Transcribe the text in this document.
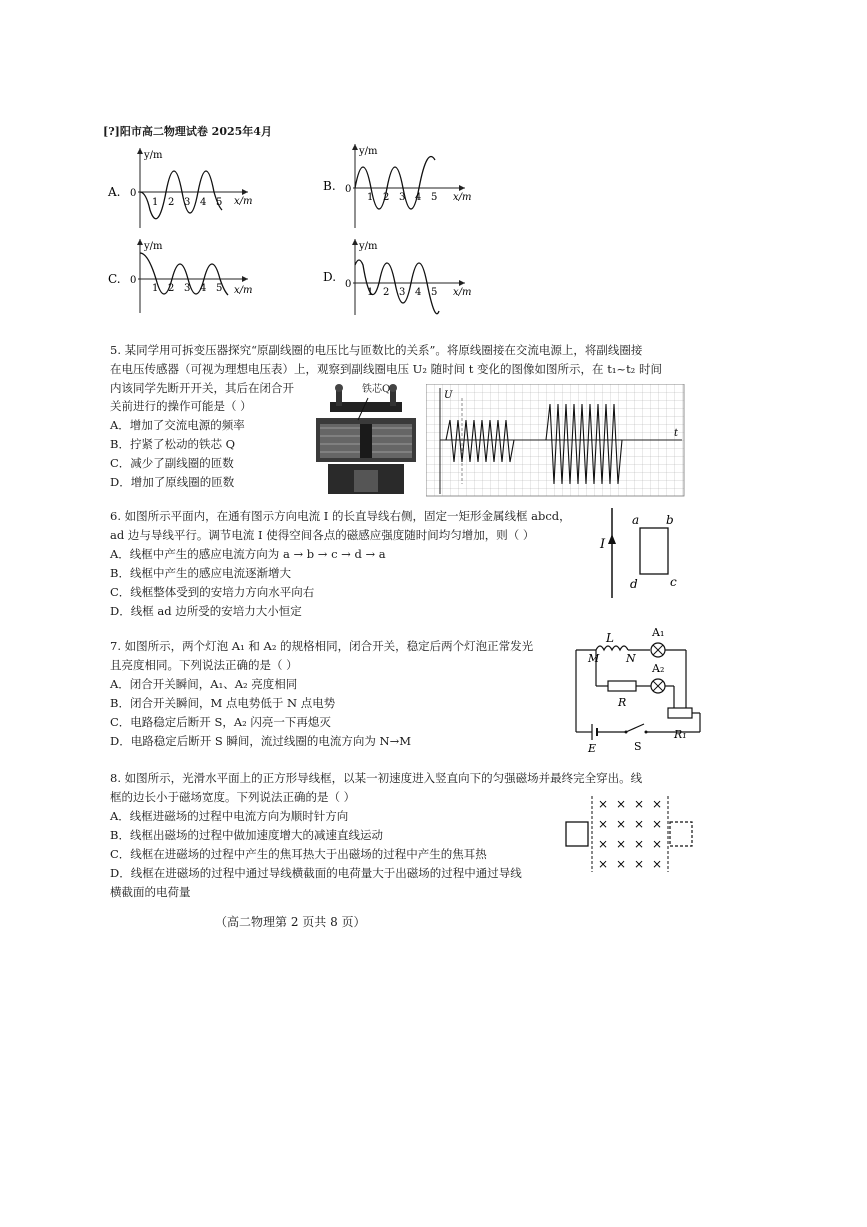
[?]阳市高二物理试卷 2025年4月
A.
y/m
0
x/m
1 2 3 4 5
B.
y/m
0
x/m
1 2 3 4 5
C.
y/m
0
x/m
1 2 3 4 5
D.
y/m
0
x/m
1 2 3 4 5
5. 某同学用可拆变压器探究“原副线圈的电压比与匝数比的关系”。将原线圈接在交流电源上，将副线圈接
在电压传感器（可视为理想电压表）上，观察到副线圈电压 U₂ 随时间 t 变化的图像如图所示，在 t₁~t₂ 时间
内该同学先断开开关，其后在闭合开
关前进行的操作可能是（ ）
A．增加了交流电源的频率
B．拧紧了松动的铁芯 Q
C．减少了副线圈的匝数
D．增加了原线圈的匝数
铁芯Q
U
t
6. 如图所示平面内，在通有图示方向电流 I 的长直导线右侧，固定一矩形金属线框 abcd，
ad 边与导线平行。调节电流 I 使得空间各点的磁感应强度随时间均匀增加，则（ ）
A．线框中产生的感应电流方向为 a → b → c → d → a
B．线框中产生的感应电流逐渐增大
C．线框整体受到的安培力方向水平向右
D．线框 ad 边所受的安培力大小恒定
I
a b
c
d
7. 如图所示，两个灯泡 A₁ 和 A₂ 的规格相同，闭合开关，稳定后两个灯泡正常发光
且亮度相同。下列说法正确的是（ ）
A．闭合开关瞬间，A₁、A₂ 亮度相同
B．闭合开关瞬间，M 点电势低于 N 点电势
C．电路稳定后断开 S，A₂ 闪亮一下再熄灭
D．电路稳定后断开 S 瞬间，流过线圈的电流方向为 N→M
L
M N
A₁
R
A₂
R₁
E	S
8. 如图所示，光滑水平面上的正方形导线框，以某一初速度进入竖直向下的匀强磁场并最终完全穿出。线
框的边长小于磁场宽度。下列说法正确的是（ ）
A．线框进磁场的过程中电流方向为顺时针方向
B．线框出磁场的过程中做加速度增大的减速直线运动
C．线框在进磁场的过程中产生的焦耳热大于出磁场的过程中产生的焦耳热
D．线框在进磁场的过程中通过导线横截面的电荷量大于出磁场的过程中通过导线
横截面的电荷量
× × × ×
× × × ×
× × × ×
× × × ×
（高二物理第 2 页共 8 页）
